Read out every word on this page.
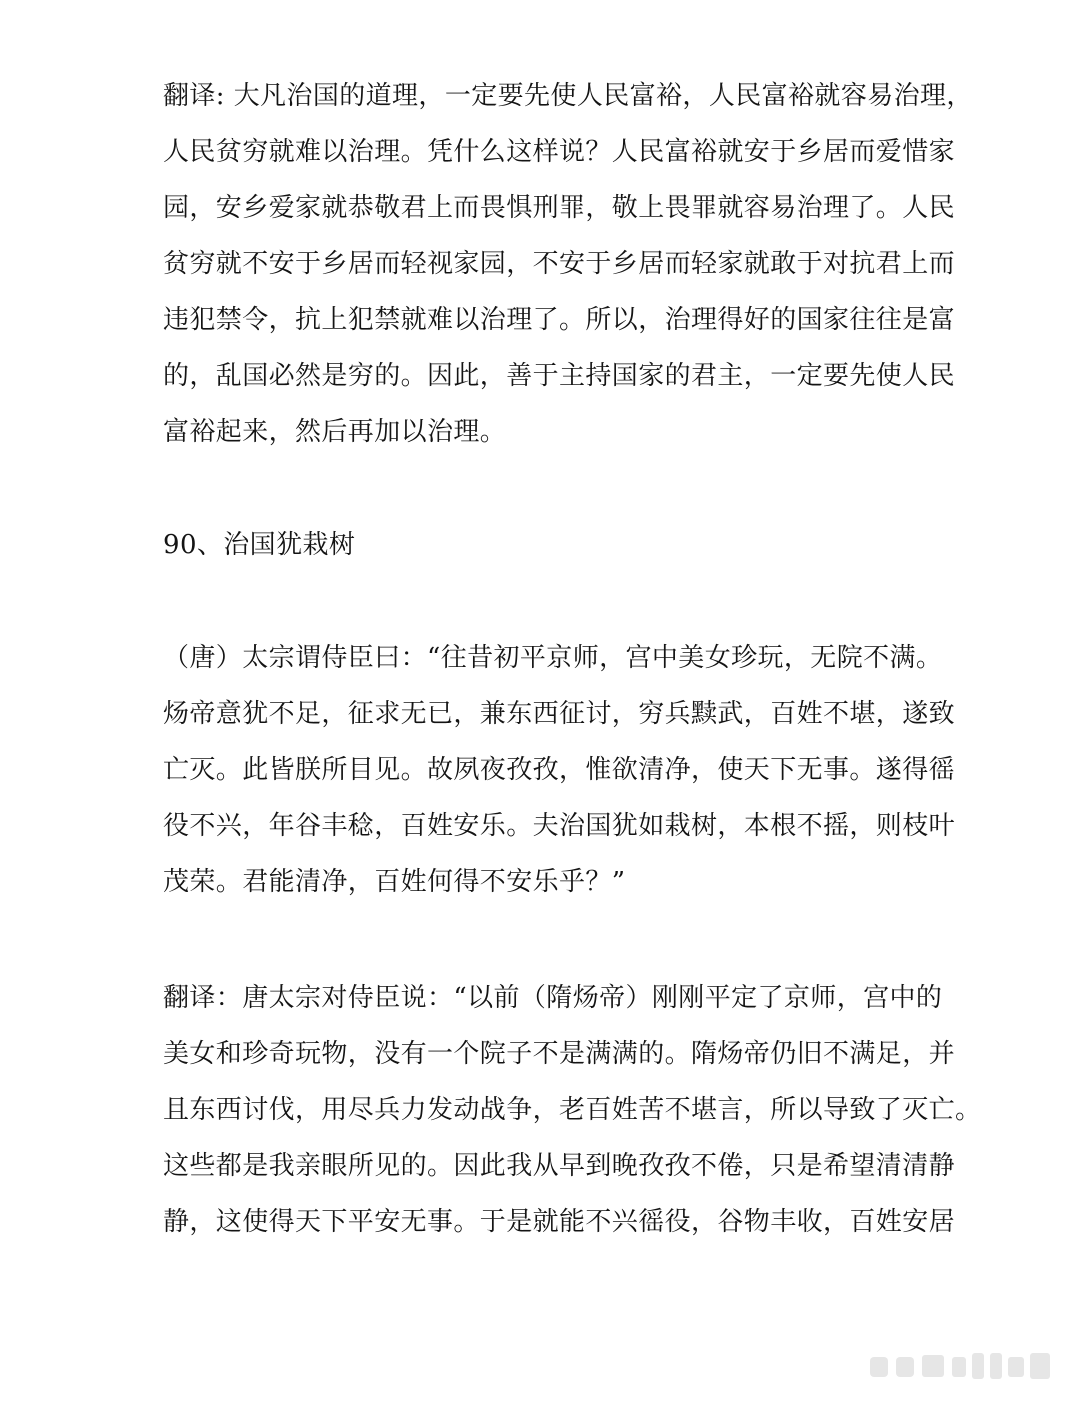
翻译: 大凡治国的道理，一定要先使人民富裕，人民富裕就容易治理，
人民贫穷就难以治理。凭什么这样说？人民富裕就安于乡居而爱惜家
园，安乡爱家就恭敬君上而畏惧刑罪，敬上畏罪就容易治理了。人民
贫穷就不安于乡居而轻视家园，不安于乡居而轻家就敢于对抗君上而
违犯禁令，抗上犯禁就难以治理了。所以，治理得好的国家往往是富
的，乱国必然是穷的。因此，善于主持国家的君主，一定要先使人民
富裕起来，然后再加以治理。
90、治国犹栽树
（唐）太宗谓侍臣曰：“往昔初平京师，宫中美女珍玩，无院不满。
炀帝意犹不足，征求无已，兼东西征讨，穷兵黩武，百姓不堪，遂致
亡灭。此皆朕所目见。故夙夜孜孜，惟欲清净，使天下无事。遂得徭
役不兴，年谷丰稔，百姓安乐。夫治国犹如栽树，本根不摇，则枝叶
茂荣。君能清净，百姓何得不安乐乎？”
翻译：唐太宗对侍臣说：“以前（隋炀帝）刚刚平定了京师，宫中的
美女和珍奇玩物，没有一个院子不是满满的。隋炀帝仍旧不满足，并
且东西讨伐，用尽兵力发动战争，老百姓苦不堪言，所以导致了灭亡。
这些都是我亲眼所见的。因此我从早到晚孜孜不倦，只是希望清清静
静，这使得天下平安无事。于是就能不兴徭役，谷物丰收，百姓安居
